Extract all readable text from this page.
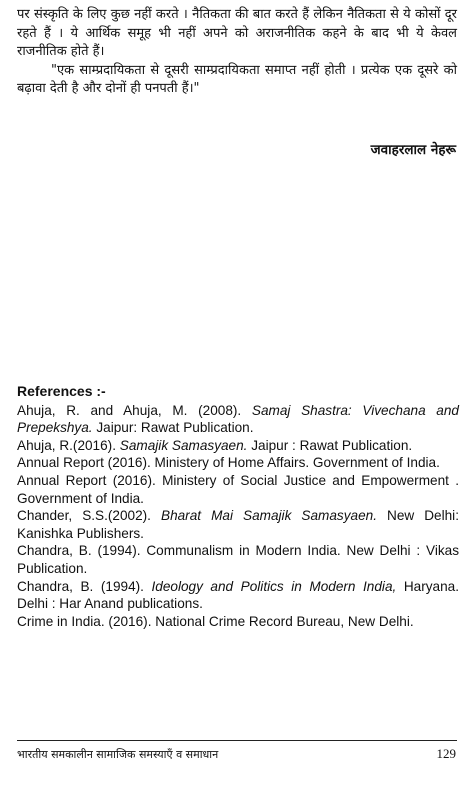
पर संस्कृति के लिए कुछ नहीं करते । नैतिकता की बात करते हैं लेकिन नैतिकता से ये कोसों दूर रहते हैं । ये आर्थिक समूह भी नहीं अपने को अराजनीतिक कहने के बाद भी ये केवल राजनीतिक होते हैं।

"एक साम्प्रदायिकता से दूसरी साम्प्रदायिकता समाप्त नहीं होती । प्रत्येक एक दूसरे को बढ़ावा देती है और दोनों ही पनपती हैं।"

जवाहरलाल नेहरू
References :-

Ahuja, R. and Ahuja, M. (2008). Samaj Shastra: Vivechana and Prepekshya. Jaipur: Rawat Publication.

Ahuja, R.(2016). Samajik Samasyaen. Jaipur : Rawat Publication.

Annual Report (2016). Ministery of Home Affairs. Government of India.

Annual Report (2016). Ministery of Social Justice and Empowerment . Government of India.

Chander, S.S.(2002). Bharat Mai Samajik Samasyaen. New Delhi: Kanishka Publishers.

Chandra, B. (1994). Communalism in Modern India. New Delhi : Vikas Publication.

Chandra, B. (1994). Ideology and Politics in Modern India, Haryana. Delhi : Har Anand publications.

Crime in India. (2016). National Crime Record Bureau, New Delhi.

भारतीय समकालीन सामाजिक समस्याएँ व समाधान	129
